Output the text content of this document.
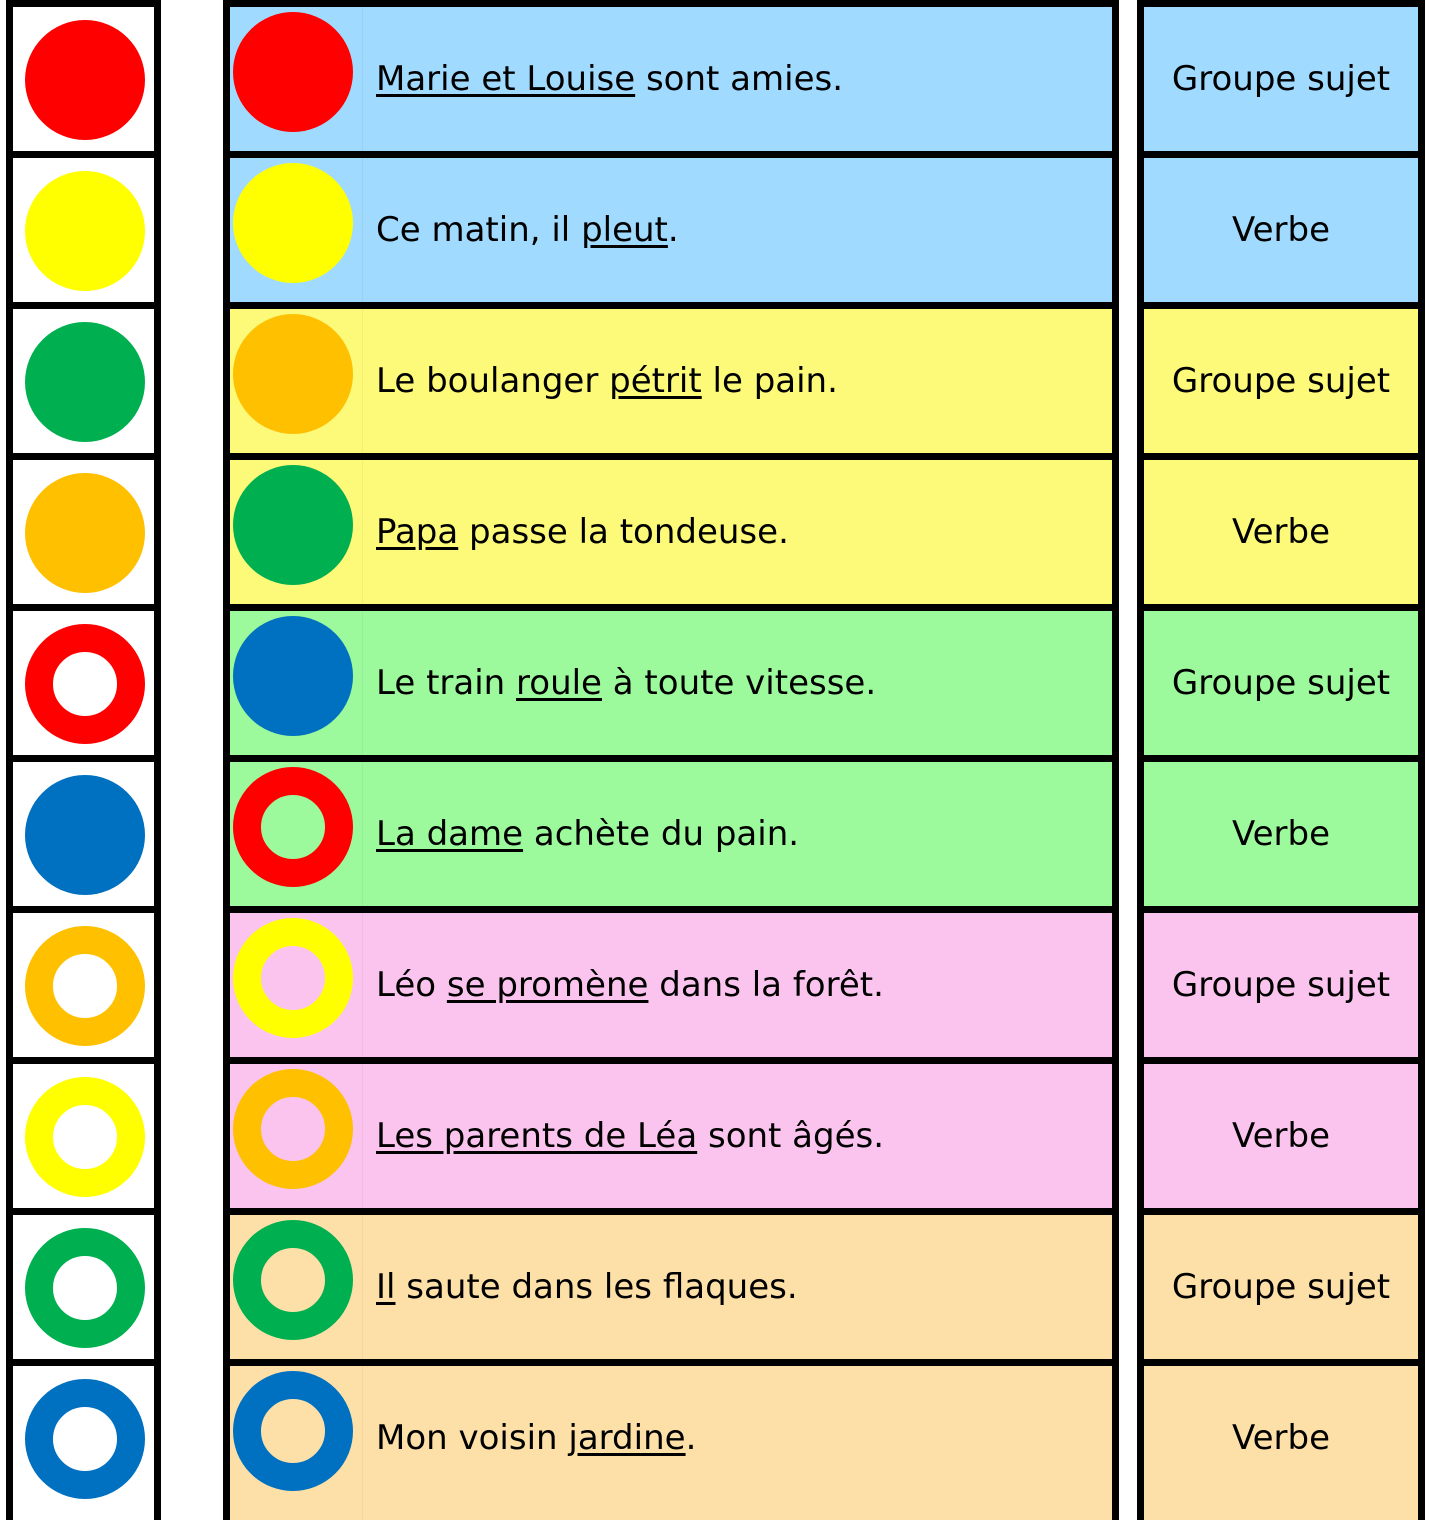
Marie et Louise sont amies.
Ce matin, il pleut.
Le boulanger pétrit le pain.
Papa passe la tondeuse.
Le train roule à toute vitesse.
La dame achète du pain.
Léo se promène dans la forêt.
Les parents de Léa sont âgés.
Il saute dans les flaques.
Mon voisin jardine.
Groupe sujet
Verbe
Groupe sujet
Verbe
Groupe sujet
Verbe
Groupe sujet
Verbe
Groupe sujet
Verbe
